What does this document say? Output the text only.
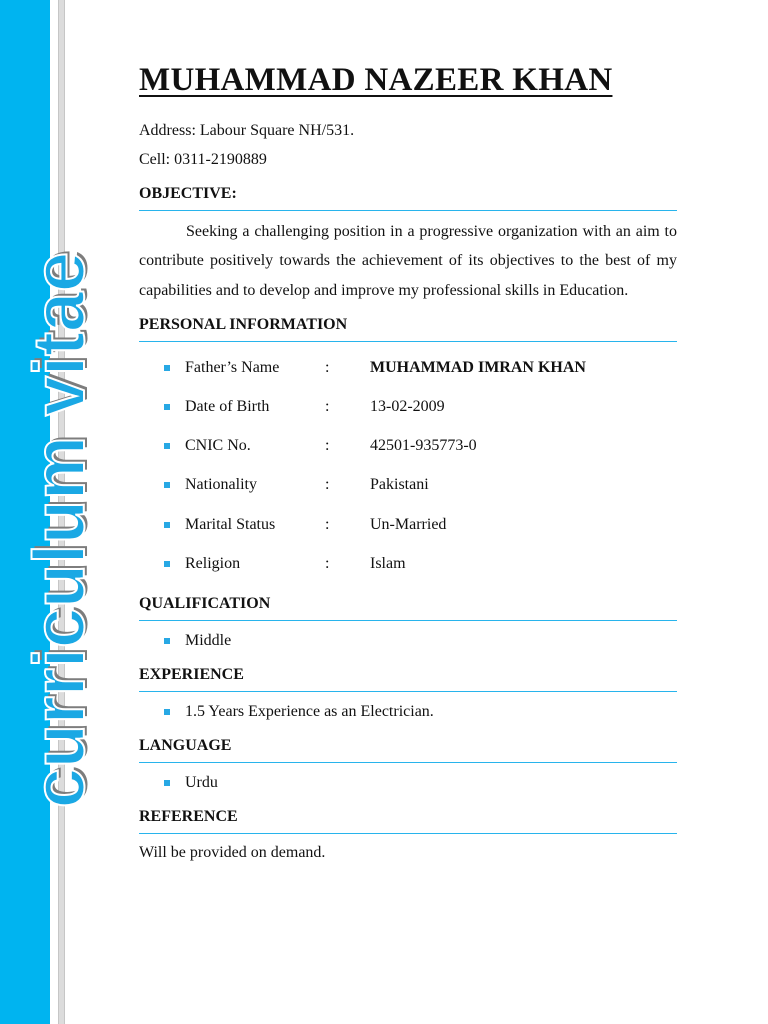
curriculum vitae
MUHAMMAD NAZEER KHAN

Address: Labour Square NH/531.

Cell: 0311-2190889

OBJECTIVE:

Seeking a challenging position in a progressive organization with an aim to contribute positively towards the achievement of its objectives to the best of my capabilities and to develop and improve my professional skills in Education.

PERSONAL INFORMATION
Father’s Name	:	MUHAMMAD IMRAN KHAN
Date of Birth	:	13-02-2009
CNIC No.	:	42501-935773-0
Nationality	:	Pakistani
Marital Status	:	Un-Married
Religion	:	Islam
QUALIFICATION
Middle
EXPERIENCE
1.5 Years Experience as an Electrician.
LANGUAGE
Urdu
REFERENCE

Will be provided on demand.
